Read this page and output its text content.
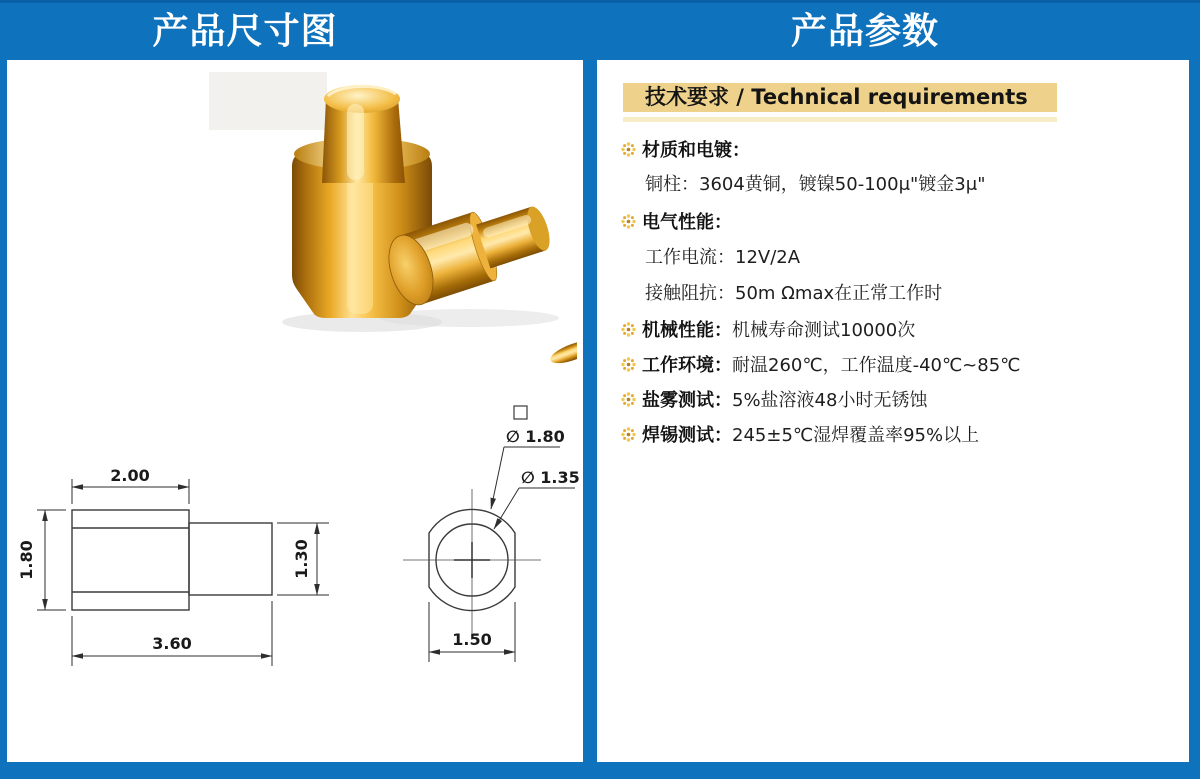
产品尺寸图	产品参数
2.00
1.80	1.30
3.60
∅ 1.80
∅ 1.35
1.50
技术要求 / Technical requirements
材质和电镀：
铜柱：3604黄铜，镀镍50-100μ"镀金3μ"
电气性能：
工作电流：12V/2A
接触阻抗：50m Ωmax在正常工作时
机械性能：机械寿命测试10000次
工作环境：耐温260℃，工作温度-40℃~85℃
盐雾测试：5%盐溶液48小时无锈蚀
焊锡测试：245±5℃湿焊覆盖率95%以上
